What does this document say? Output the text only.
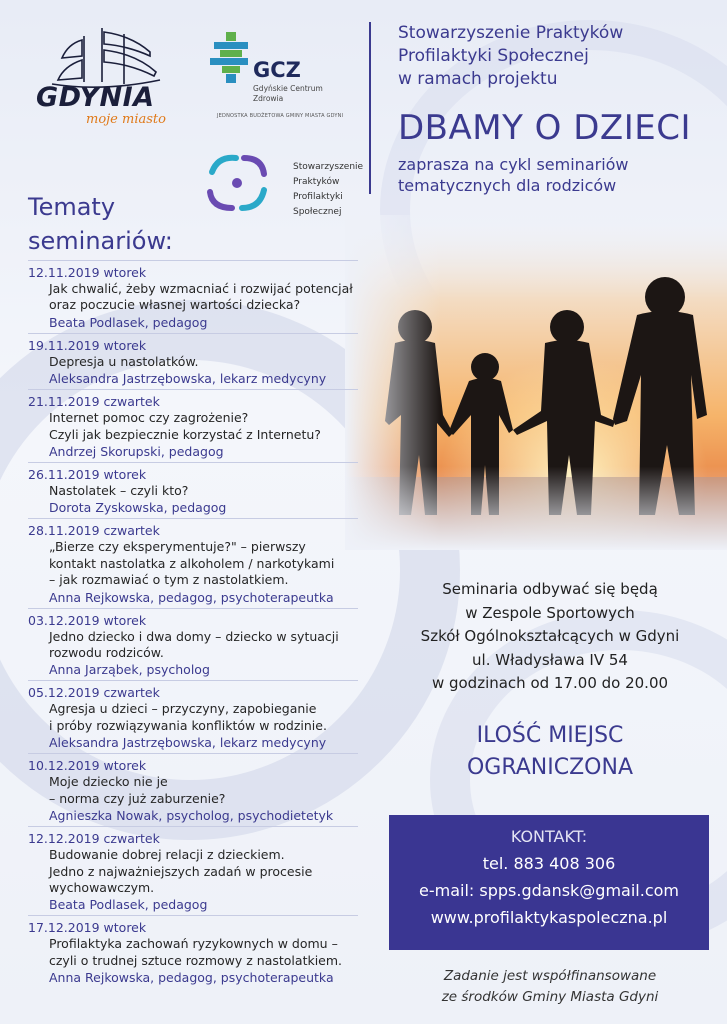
GDYNIA
moje miasto
GCZ
Gdyńskie Centrum
Zdrowia
JEDNOSTKA BUDŻETOWA GMINY MIASTA GDYNI
Stowarzyszenie
Praktyków
Profilaktyki
Społecznej
Stowarzyszenie Praktyków
Profilaktyki Społecznej
w ramach projektu
DBAMY O DZIECI
zaprasza na cykl seminariów
tematycznych dla rodziców
Tematy
seminariów:
12.11.2019 wtorek
Jak chwalić, żeby wzmacniać i rozwijać potencjał
oraz poczucie własnej wartości dziecka?
Beata Podlasek, pedagog
19.11.2019 wtorek
Depresja u nastolatków.
Aleksandra Jastrzębowska, lekarz medycyny
21.11.2019 czwartek
Internet pomoc czy zagrożenie?
Czyli jak bezpiecznie korzystać z Internetu?
Andrzej Skorupski, pedagog
26.11.2019 wtorek
Nastolatek – czyli kto?
Dorota Zyskowska, pedagog
28.11.2019 czwartek
„Bierze czy eksperymentuje?" – pierwszy
kontakt nastolatka z alkoholem / narkotykami
– jak rozmawiać o tym z nastolatkiem.
Anna Rejkowska, pedagog, psychoterapeutka
03.12.2019 wtorek
Jedno dziecko i dwa domy – dziecko w sytuacji
rozwodu rodziców.
Anna Jarząbek, psycholog
05.12.2019 czwartek
Agresja u dzieci – przyczyny, zapobieganie
i próby rozwiązywania konfliktów w rodzinie.
Aleksandra Jastrzębowska, lekarz medycyny
10.12.2019 wtorek
Moje dziecko nie je
– norma czy już zaburzenie?
Agnieszka Nowak, psycholog, psychodietetyk
12.12.2019 czwartek
Budowanie dobrej relacji z dzieckiem.
Jedno z najważniejszych zadań w procesie
wychowawczym.
Beata Podlasek, pedagog
17.12.2019 wtorek
Profilaktyka zachowań ryzykownych w domu –
czyli o trudnej sztuce rozmowy z nastolatkiem.
Anna Rejkowska, pedagog, psychoterapeutka
Seminaria odbywać się będą
w Zespole Sportowych
Szkół Ogólnokształcących w Gdyni
ul. Władysława IV 54
w godzinach od 17.00 do 20.00
ILOŚĆ MIEJSC
OGRANICZONA
KONTAKT:
tel. 883 408 306
e-mail: spps.gdansk@gmail.com
www.profilaktykaspoleczna.pl
Zadanie jest współfinansowane
ze środków Gminy Miasta Gdyni
